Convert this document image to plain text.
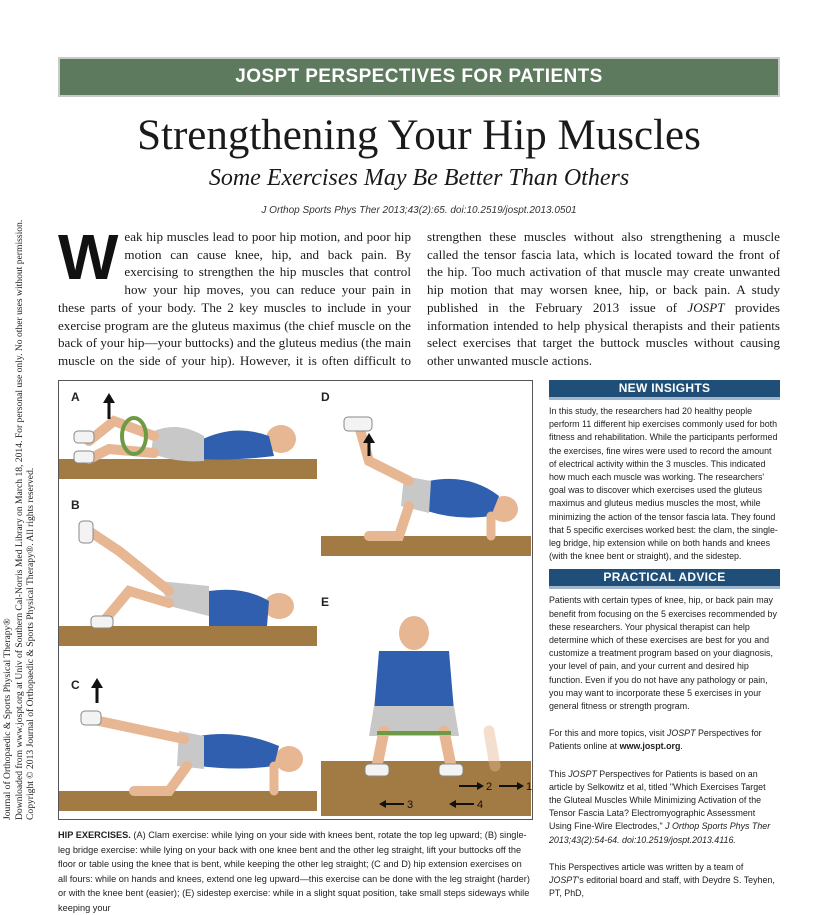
Journal of Orthopaedic & Sports Physical Therapy® Downloaded from www.jospt.org at Univ of Southern Cal-Norris Med Library on March 18, 2014. For personal use only. No other uses without permission. Copyright © 2013 Journal of Orthopaedic & Sports Physical Therapy®. All rights reserved.
JOSPT PERSPECTIVES FOR PATIENTS
Strengthening Your Hip Muscles
Some Exercises May Be Better Than Others
J Orthop Sports Phys Ther 2013;43(2):65. doi:10.2519/jospt.2013.0501
Weak hip muscles lead to poor hip motion, and poor hip motion can cause knee, hip, and back pain. By exercising to strengthen the hip muscles that control how your hip moves, you can reduce your pain in these parts of your body. The 2 key muscles to include in your exercise program are the gluteus maximus (the chief muscle on the back of your hip—your buttocks) and the gluteus medius (the main muscle on the side of your hip). However, it is often difficult to strengthen these muscles without also strengthening a muscle called the tensor fascia lata, which is located toward the front of the hip. Too much activation of that muscle may create unwanted hip motion that may worsen knee, hip, or back pain. A study published in the February 2013 issue of JOSPT provides information intended to help physical therapists and their patients select exercises that target the buttock muscles without causing other unwanted muscle actions.
A
B
C
D
2	1
3	4
E
HIP EXERCISES. (A) Clam exercise: while lying on your side with knees bent, rotate the top leg upward; (B) single-leg bridge exercise: while lying on your back with one knee bent and the other leg straight, lift your buttocks off the floor or table using the knee that is bent, while keeping the other leg straight; (C and D) hip extension exercises on all fours: while on hands and knees, extend one leg upward—this exercise can be done with the leg straight (harder) or with the knee bent (easier); (E) sidestep exercise: while in a slight squat position, take small steps sideways while keeping your
NEW INSIGHTS

In this study, the researchers had 20 healthy people perform 11 different hip exercises commonly used for both fitness and rehabilitation. While the participants performed the exercises, fine wires were used to record the amount of electrical activity within the 3 muscles. This indicated how much each muscle was working. The researchers' goal was to discover which exercises used the gluteus maximus and gluteus medius muscles the most, while minimizing the action of the tensor fascia lata. They found that 5 specific exercises worked best: the clam, the single-leg bridge, hip extension while on both hands and knees (with the knee bent or straight), and the sidestep.

PRACTICAL ADVICE

Patients with certain types of knee, hip, or back pain may benefit from focusing on the 5 exercises recommended by these researchers. Your physical therapist can help determine which of these exercises are best for you and customize a treatment program based on your diagnosis, your level of pain, and your current and desired hip function. Even if you do not have any pathology or pain, you may want to incorporate these 5 exercises in your general fitness or strength program.

For this and more topics, visit JOSPT Perspectives for Patients online at www.jospt.org.

This JOSPT Perspectives for Patients is based on an article by Selkowitz et al, titled "Which Exercises Target the Gluteal Muscles While Minimizing Activation of the Tensor Fascia Lata? Electromyographic Assessment Using Fine-Wire Electrodes," J Orthop Sports Phys Ther 2013;43(2):54-64. doi:10.2519/jospt.2013.4116.

This Perspectives article was written by a team of JOSPT's editorial board and staff, with Deydre S. Teyhen, PT, PhD,
